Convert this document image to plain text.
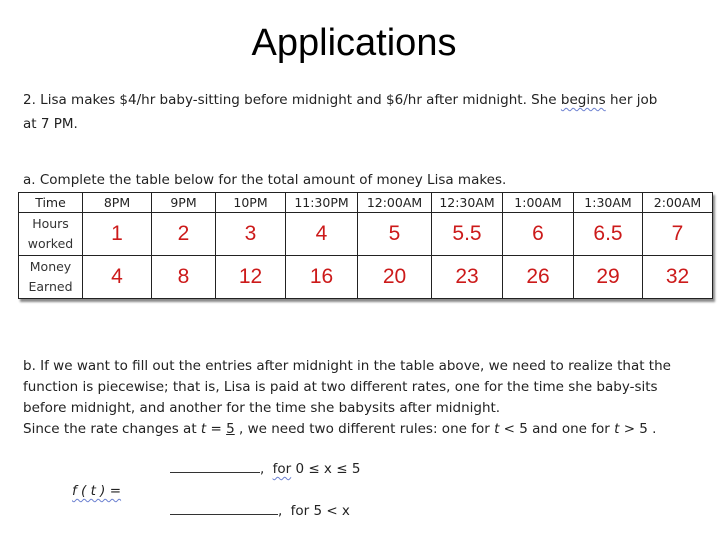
Applications
2. Lisa makes $4/hr baby-sitting before midnight and $6/hr after midnight. She begins her job
at 7 PM.
a. Complete the table below for the total amount of money Lisa makes.
Time	8PM	9PM	10PM	11:30PM	12:00AM	12:30AM	1:00AM	1:30AM	2:00AM

Hours
worked	1	2	3	4	5	5.5	6	6.5	7

Money
Earned	4	8	12	16	20	23	26	29	32
b. If we want to fill out the entries after midnight in the table above, we need to realize that the
function is piecewise; that is, Lisa is paid at two different rates, one for the time she baby-sits
before midnight, and another for the time she babysits after midnight.
Since the rate changes at t = 5 , we need two different rules: one for t < 5 and one for t > 5 .
f ( t ) =
, for 0 ≤ x ≤ 5
, for 5 < x
